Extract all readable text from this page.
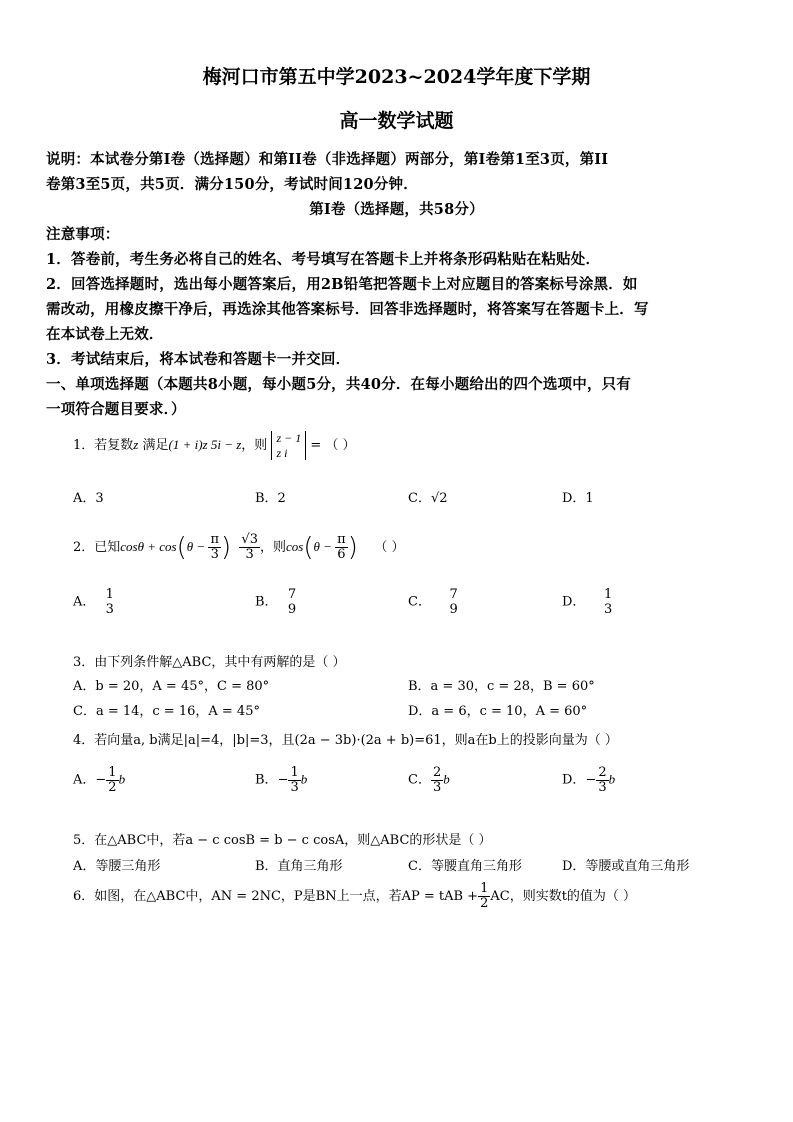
梅河口市第五中学2023~2024学年度下学期
高一数学试题
说明：本试卷分第I卷（选择题）和第II卷（非选择题）两部分，第I卷第1至3页，第II
卷第3至5页，共5页．满分150分，考试时间120分钟．
第I卷（选择题，共58分）
注意事项：
1．答卷前，考生务必将自己的姓名、考号填写在答题卡上并将条形码粘贴在粘贴处．
2．回答选择题时，选出每小题答案后，用2B铅笔把答题卡上对应题目的答案标号涂黑．如
需改动，用橡皮擦干净后，再选涂其他答案标号．回答非选择题时，将答案写在答题卡上．写
在本试卷上无效．
3．考试结束后，将本试卷和答题卡一并交回．
一、单项选择题（本题共8小题，每小题5分，共40分．在每小题给出的四个选项中，只有
一项符合题目要求．）
1．若复数z 满足(1 + i)z 5i − z，则 z − 1
z i = （ ）
A．3	B．2	C．√2	D．1
2．已知$\cos\theta + \cos(\theta - \frac{\pi}{3}$ ) $\frac{√3}{3}$ ，则$\cos(\theta - \frac{\pi}{6}$ ) （ ）
A． $\frac{1}{3}$	B． $\frac{7}{9}$	C． $\frac{7}{9}$	D． $\frac{1}{3}$
3．由下列条件解△ABC，其中有两解的是（ ）
A．b = 20，A = 45°，C = 80°	B．a = 30，c = 28，B = 60°
C．a = 14，c = 16，A = 45°	D．a = 6，c = 10，A = 60°
4．若向量a, b满足|a|=4，|b|=3，且(2a − 3b)·(2a + b)=61，则a在b上的投影向量为（ ）
A．− $\frac{1}{2}$ b	B．− $\frac{1}{3}$ b	C． $\frac{2}{3}$ b	D．− $\frac{2}{3}$ b
5．在△ABC中，若a − c cosB = b − c cosA，则△ABC的形状是（ ）
A．等腰三角形	B．直角三角形	C．等腰直角三角形	D．等腰或直角三角形
6．如图，在△ABC中，AN = 2NC，P是BN上一点，若AP = tAB + $\frac{1}{2}$ AC，则实数t的值为（ ）
